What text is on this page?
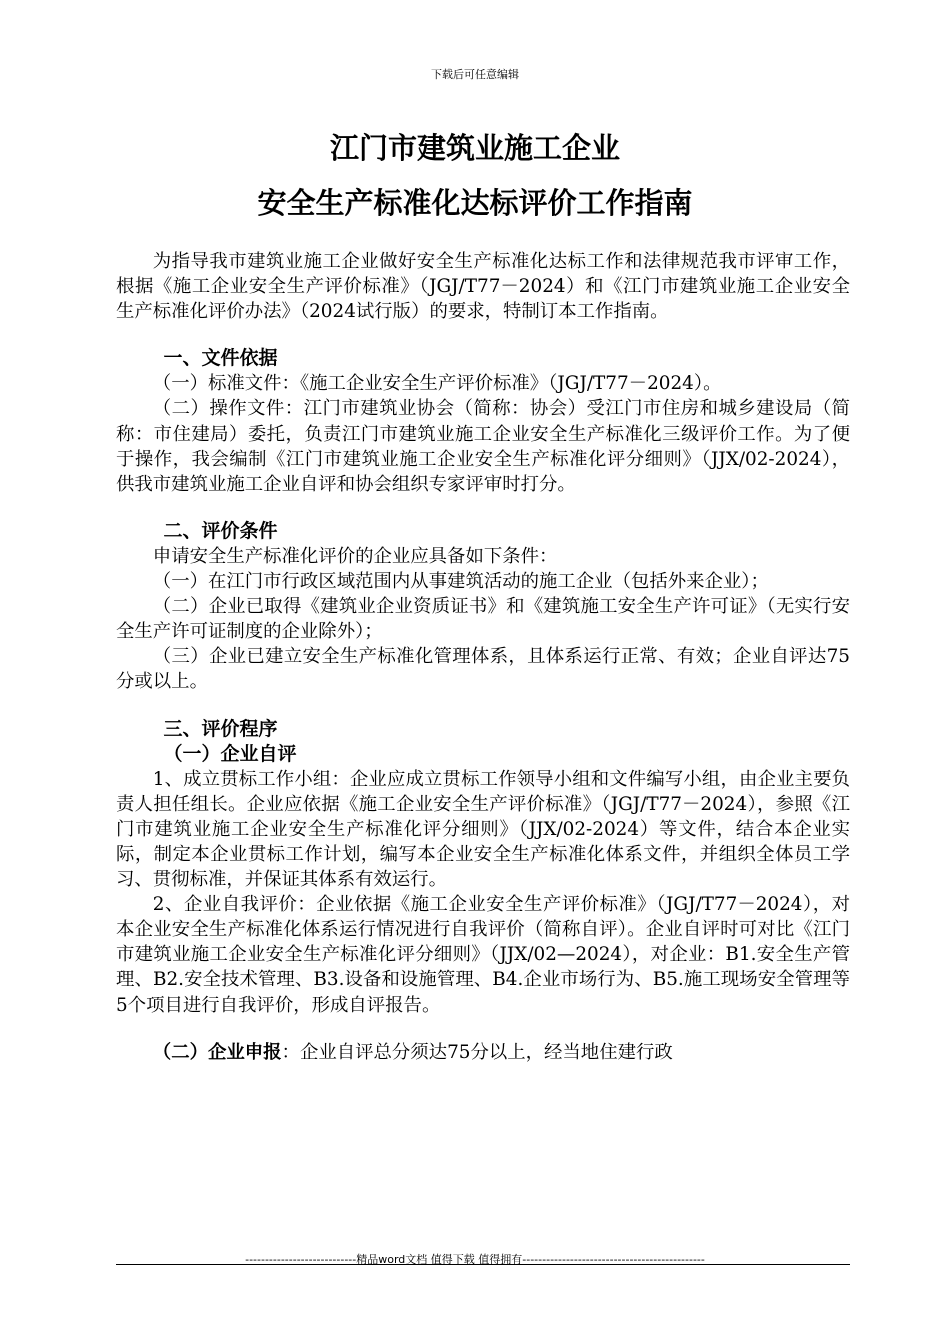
下载后可任意编辑
江门市建筑业施工企业
安全生产标准化达标评价工作指南

为指导我市建筑业施工企业做好安全生产标准化达标工作和法律规范我市评审工作，根据《施工企业安全生产评价标准》（JGJ/T77－2024）和《江门市建筑业施工企业安全生产标准化评价办法》（2024试行版）的要求，特制订本工作指南。

一、文件依据

（一）标准文件：《施工企业安全生产评价标准》（JGJ/T77－2024）。

（二）操作文件：江门市建筑业协会（简称：协会）受江门市住房和城乡建设局（简称：市住建局）委托，负责江门市建筑业施工企业安全生产标准化三级评价工作。为了便于操作，我会编制《江门市建筑业施工企业安全生产标准化评分细则》（JJX/02-2024），供我市建筑业施工企业自评和协会组织专家评审时打分。

二、评价条件

申请安全生产标准化评价的企业应具备如下条件：

（一）在江门市行政区域范围内从事建筑活动的施工企业（包括外来企业）；

（二）企业已取得《建筑业企业资质证书》和《建筑施工安全生产许可证》（无实行安全生产许可证制度的企业除外）；

（三）企业已建立安全生产标准化管理体系，且体系运行正常、有效；企业自评达75分或以上。

三、评价程序

（一）企业自评

1、成立贯标工作小组：企业应成立贯标工作领导小组和文件编写小组，由企业主要负责人担任组长。企业应依据《施工企业安全生产评价标准》（JGJ/T77－2024），参照《江门市建筑业施工企业安全生产标准化评分细则》（JJX/02-2024）等文件，结合本企业实际，制定本企业贯标工作计划，编写本企业安全生产标准化体系文件，并组织全体员工学习、贯彻标准，并保证其体系有效运行。

2、企业自我评价：企业依据《施工企业安全生产评价标准》（JGJ/T77－2024），对本企业安全生产标准化体系运行情况进行自我评价（简称自评）。企业自评时可对比《江门市建筑业施工企业安全生产标准化评分细则》（JJX/02—2024），对企业：B1.安全生产管理、B2.安全技术管理、B3.设备和设施管理、B4.企业市场行为、B5.施工现场安全管理等5个项目进行自我评价，形成自评报告。

（二）企业申报：企业自评总分须达75分以上，经当地住建行政

----------------------------精品word文档 值得下载 值得拥有----------------------------------------------
